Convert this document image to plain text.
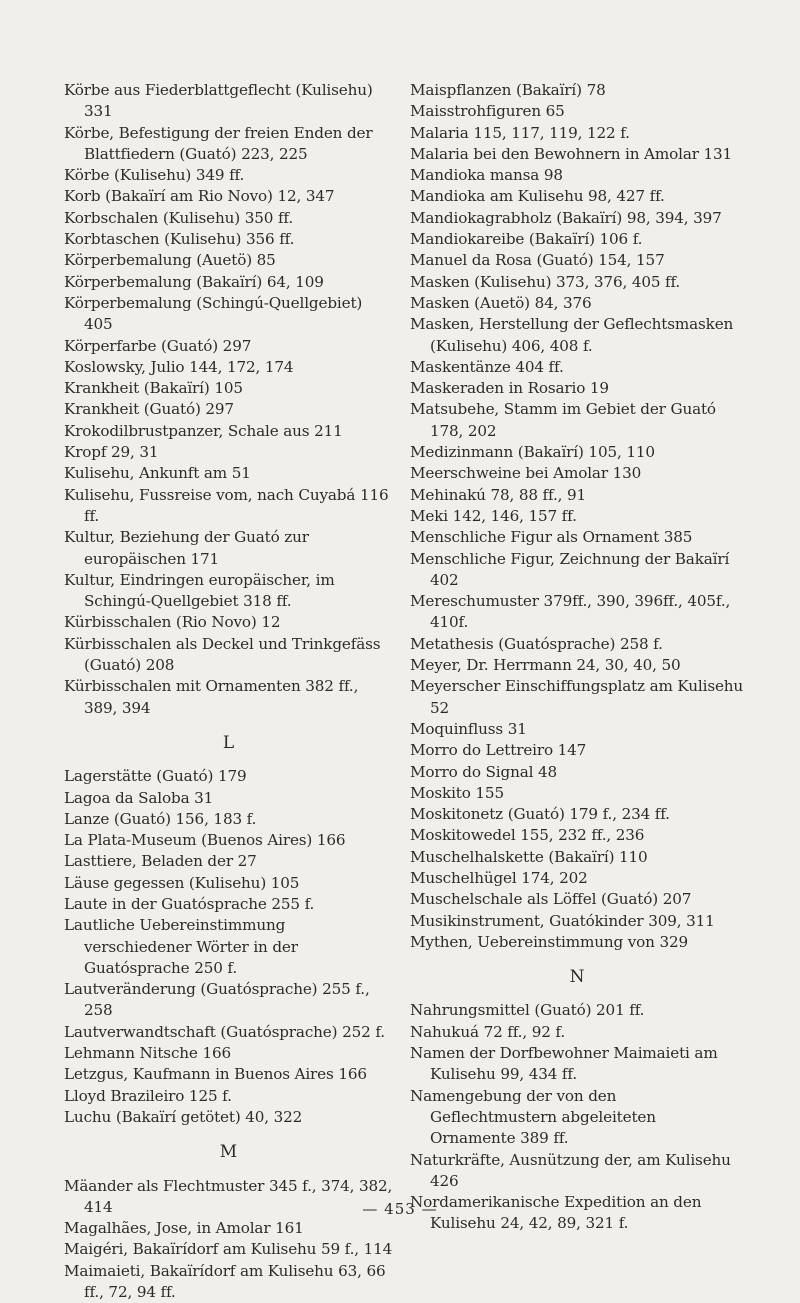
Körbe aus Fiederblattgeflecht (Kulisehu) 331
Körbe, Befestigung der freien Enden der Blattfiedern (Guató) 223, 225
Körbe (Kulisehu) 349 ff.
Korb (Bakaïrí am Rio Novo) 12, 347
Korbschalen (Kulisehu) 350 ff.
Korbtaschen (Kulisehu) 356 ff.
Körperbemalung (Auetö) 85
Körperbemalung (Bakaïrí) 64, 109
Körperbemalung (Schingú-Quellgebiet) 405
Körperfarbe (Guató) 297
Koslowsky, Julio 144, 172, 174
Krankheit (Bakaïrí) 105
Krankheit (Guató) 297
Krokodilbrustpanzer, Schale aus 211
Kropf 29, 31
Kulisehu, Ankunft am 51
Kulisehu, Fussreise vom, nach Cuyabá 116 ff.
Kultur, Beziehung der Guató zur europäischen 171
Kultur, Eindringen europäischer, im Schingú-Quellgebiet 318 ff.
Kürbisschalen (Rio Novo) 12
Kürbisschalen als Deckel und Trinkgefäss (Guató) 208
Kürbisschalen mit Ornamenten 382 ff., 389, 394
L
Lagerstätte (Guató) 179
Lagoa da Saloba 31
Lanze (Guató) 156, 183 f.
La Plata-Museum (Buenos Aires) 166
Lasttiere, Beladen der 27
Läuse gegessen (Kulisehu) 105
Laute in der Guatósprache 255 f.
Lautliche Uebereinstimmung verschiedener Wörter in der Guatósprache 250 f.
Lautveränderung (Guatósprache) 255 f., 258
Lautverwandtschaft (Guatósprache) 252 f.
Lehmann Nitsche 166
Letzgus, Kaufmann in Buenos Aires 166
Lloyd Brazileiro 125 f.
Luchu (Bakaïrí getötet) 40, 322
M
Mäander als Flechtmuster 345 f., 374, 382, 414
Magalhães, Jose, in Amolar 161
Maigéri, Bakaïrídorf am Kulisehu 59 f., 114
Maimaieti, Bakaïrídorf am Kulisehu 63, 66 ff., 72, 94 ff.
Maispflanzen (Bakaïrí) 78
Maisstrohfiguren 65
Malaria 115, 117, 119, 122 f.
Malaria bei den Bewohnern in Amolar 131
Mandioka mansa 98
Mandioka am Kulisehu 98, 427 ff.
Mandiokagrabholz (Bakaïrí) 98, 394, 397
Mandiokareibe (Bakaïrí) 106 f.
Manuel da Rosa (Guató) 154, 157
Masken (Kulisehu) 373, 376, 405 ff.
Masken (Auetö) 84, 376
Masken, Herstellung der Geflechtsmasken (Kulisehu) 406, 408 f.
Maskentänze 404 ff.
Maskeraden in Rosario 19
Matsubehe, Stamm im Gebiet der Guató 178, 202
Medizinmann (Bakaïrí) 105, 110
Meerschweine bei Amolar 130
Mehinakú 78, 88 ff., 91
Meki 142, 146, 157 ff.
Menschliche Figur als Ornament 385
Menschliche Figur, Zeichnung der Bakaïrí 402
Mereschumuster 379ff., 390, 396ff., 405f., 410f.
Metathesis (Guatósprache) 258 f.
Meyer, Dr. Herrmann 24, 30, 40, 50
Meyerscher Einschiffungsplatz am Kulisehu 52
Moquinfluss 31
Morro do Lettreiro 147
Morro do Signal 48
Moskito 155
Moskitonetz (Guató) 179 f., 234 ff.
Moskitowedel 155, 232 ff., 236
Muschelhalskette (Bakaïrí) 110
Muschelhügel 174, 202
Muschelschale als Löffel (Guató) 207
Musikinstrument, Guatókinder 309, 311
Mythen, Uebereinstimmung von 329
N
Nahrungsmittel (Guató) 201 ff.
Nahukuá 72 ff., 92 f.
Namen der Dorfbewohner Maimaieti am Kulisehu 99, 434 ff.
Namengebung der von den Geflechtmustern abgeleiteten Ornamente 389 ff.
Naturkräfte, Ausnützung der, am Kulisehu 426
Nordamerikanische Expedition an den Kulisehu 24, 42, 89, 321 f.
— 453 —
